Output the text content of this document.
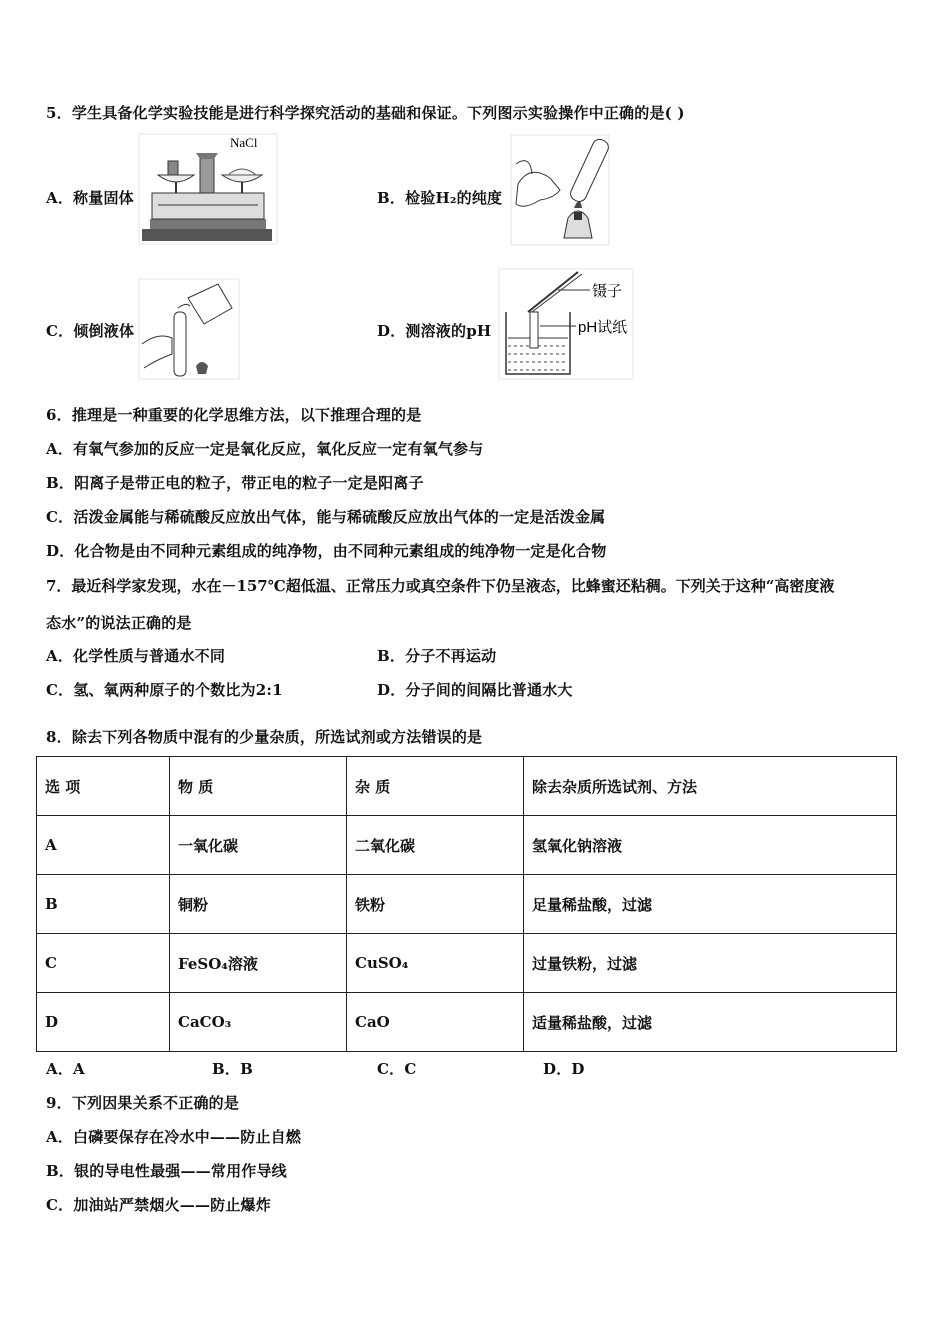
5．学生具备化学实验技能是进行科学探究活动的基础和保证。下列图示实验操作中正确的是( )
A．称量固体
NaCl
B．检验H₂的纯度
C．倾倒液体	D．测溶液的pH
镊子
pH试纸
6．推理是一种重要的化学思维方法，以下推理合理的是
A．有氧气参加的反应一定是氧化反应，氧化反应一定有氧气参与
B．阳离子是带正电的粒子，带正电的粒子一定是阳离子
C．活泼金属能与稀硫酸反应放出气体，能与稀硫酸反应放出气体的一定是活泼金属
D．化合物是由不同种元素组成的纯净物，由不同种元素组成的纯净物一定是化合物
7．最近科学家发现，水在－157℃超低温、正常压力或真空条件下仍呈液态，比蜂蜜还粘稠。下列关于这种“高密度液
态水”的说法正确的是
A．化学性质与普通水不同	B．分子不再运动
C．氢、氧两种原子的个数比为2:1	D．分子间的间隔比普通水大
8．除去下列各物质中混有的少量杂质，所选试剂或方法错误的是
选 项	物 质	杂 质	除去杂质所选试剂、方法
A	一氧化碳	二氧化碳	氢氧化钠溶液
B	铜粉	铁粉	足量稀盐酸，过滤
C	FeSO₄溶液	CuSO₄	过量铁粉，过滤
D	CaCO₃	CaO	适量稀盐酸，过滤
A．A	B．B	C．C	D．D
9．下列因果关系不正确的是
A．白磷要保存在冷水中——防止自燃
B．银的导电性最强——常用作导线
C．加油站严禁烟火——防止爆炸
